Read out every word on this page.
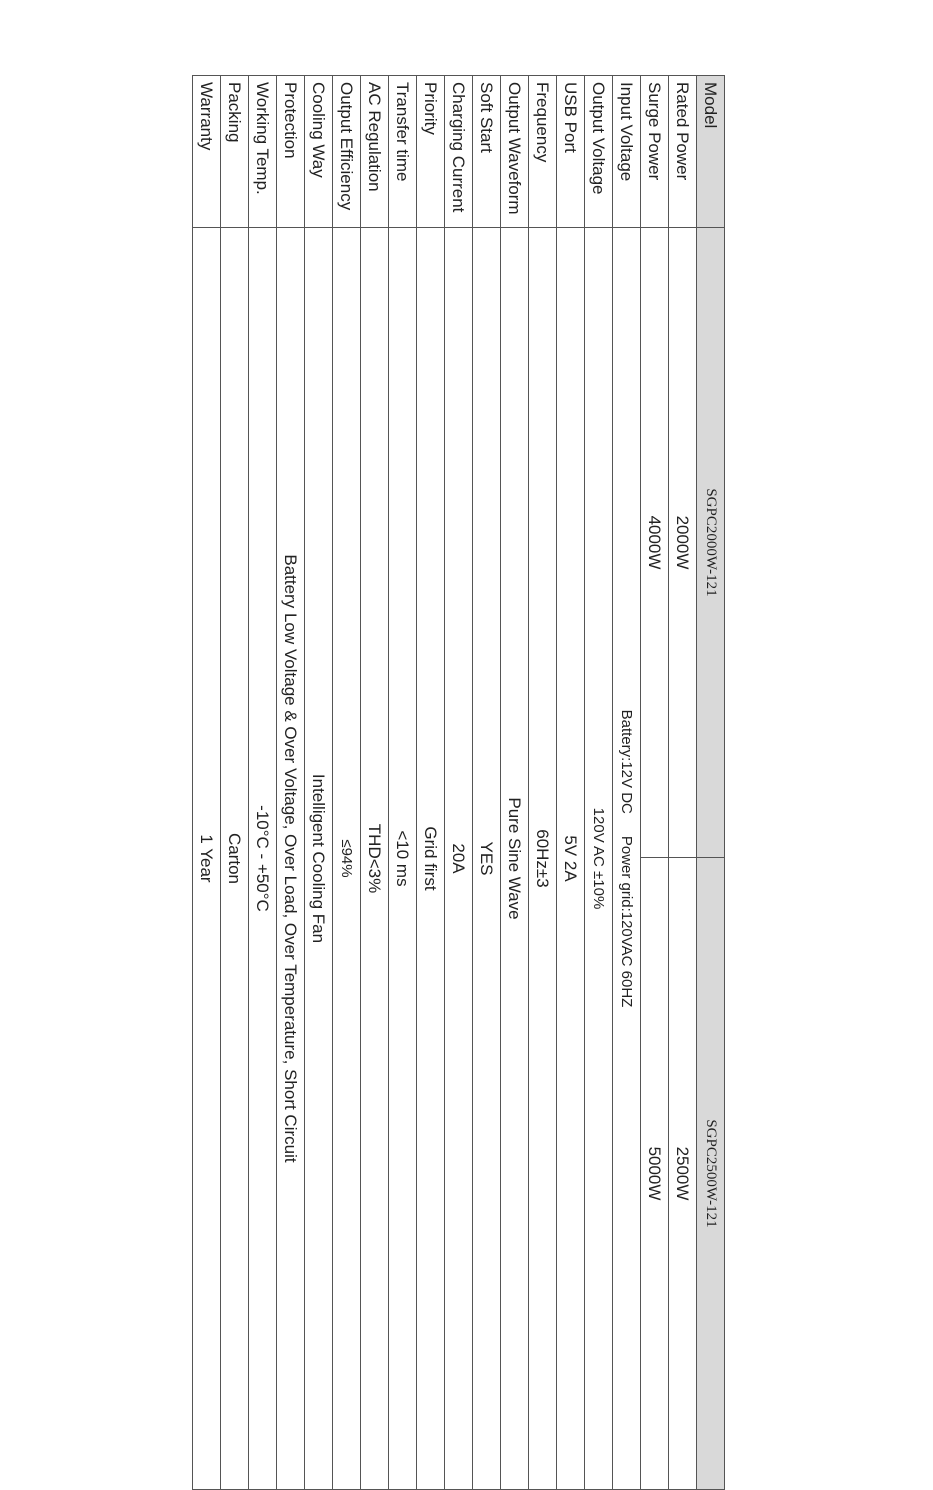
Model	SGPC2000W-121	SGPC2500W-121
Rated Power	2000W	2500W
Surge Power	4000W	5000W
Input Voltage	Battery:12V DCPower grid:120VAC 60HZ	
Output Voltage	120V AC ±10%	
USB Port	5V 2A	
Frequency	60Hz±3	
Output Waveform	Pure Sine Wave	
Soft Start	YES	
Charging Current	20A	
Priority	Grid first	
Transfer time	<10 ms	
AC Regulation	THD<3%	
Output Efficiency	≤94%	
Cooling Way	Intelligent Cooling Fan	
Protection	Battery Low Voltage & Over Voltage, Over Load, Over Temperature, Short Circuit	
Working Temp.	-10°C - +50°C	
Packing	Carton	
Warranty	1 Year	
